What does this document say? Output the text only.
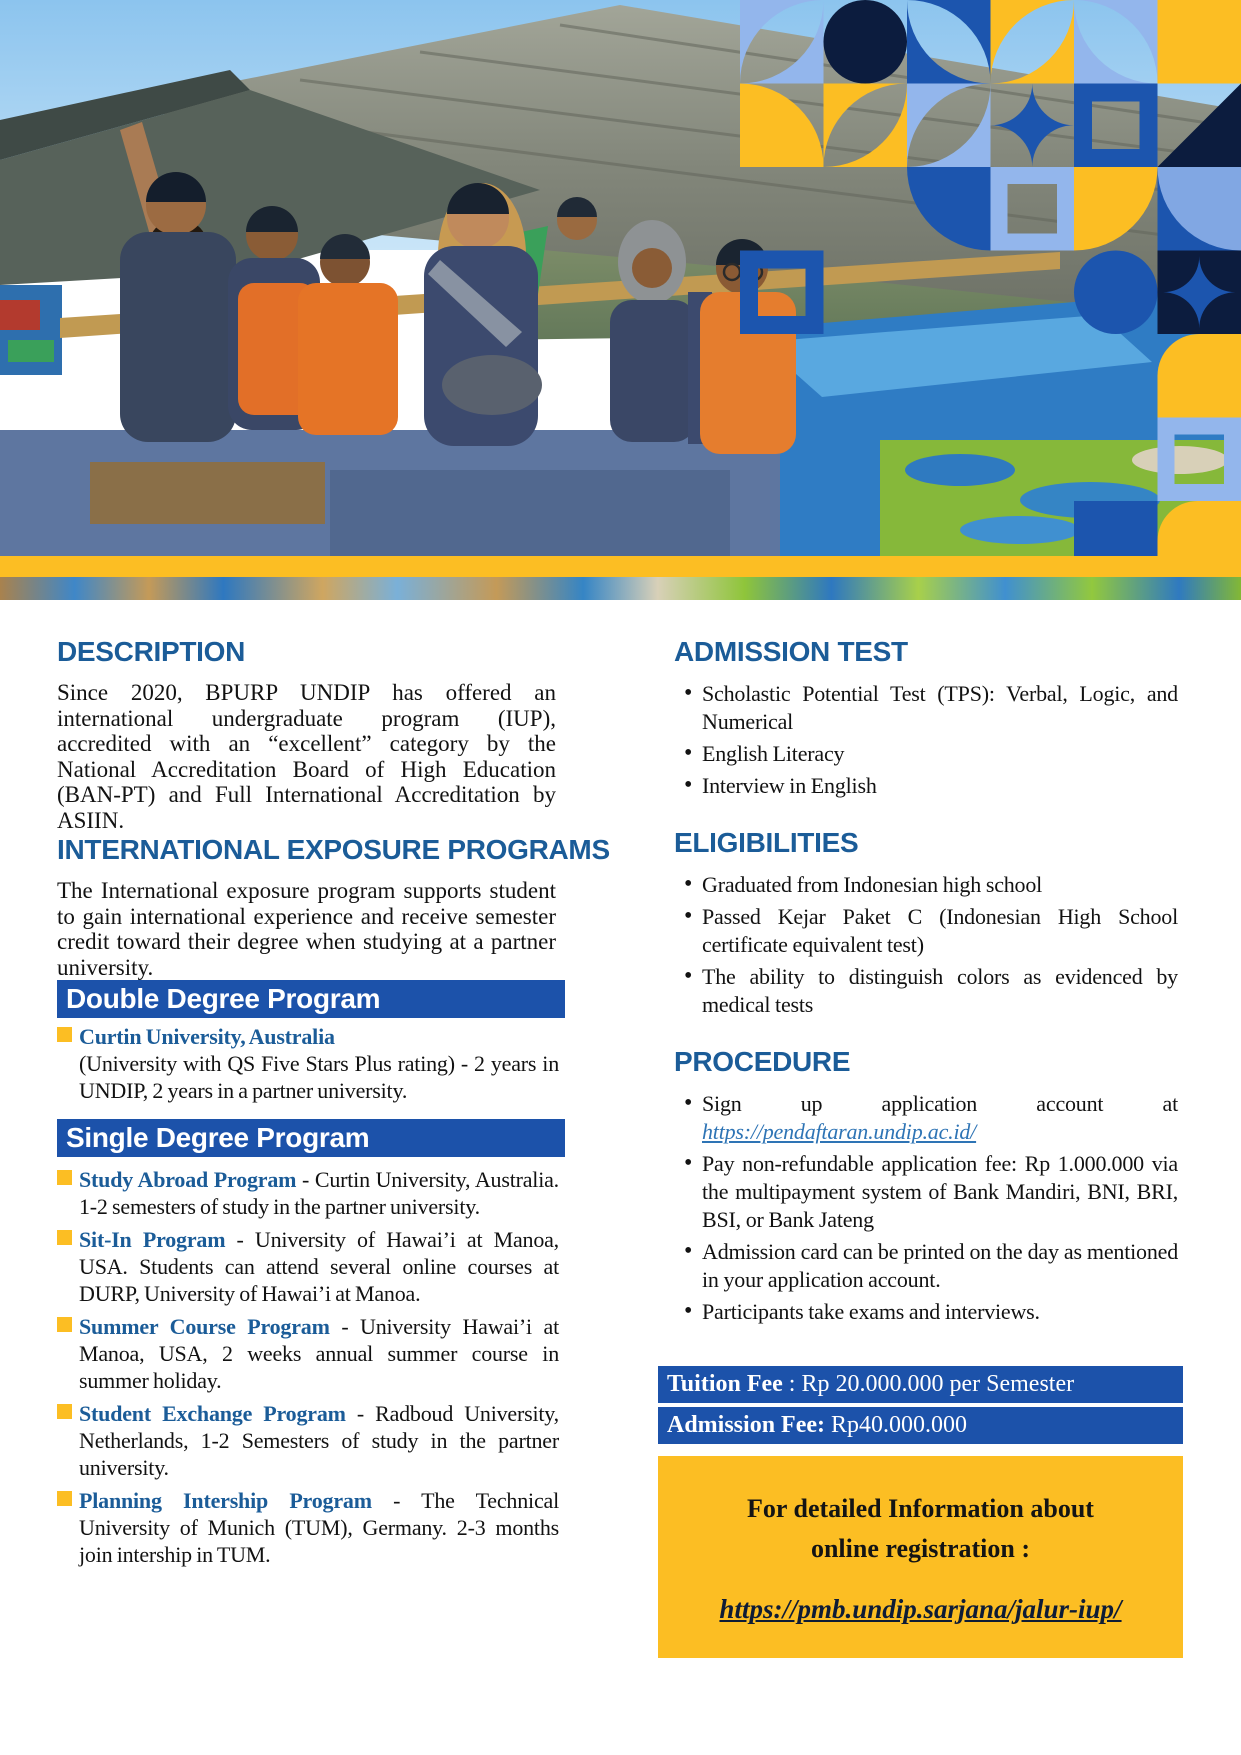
DESCRIPTION

Since 2020, BPURP UNDIP has offered an international undergraduate program (IUP), accredited with an “excellent” category by the National Accreditation Board of High Education (BAN-PT) and Full International Accreditation by ASIIN.

INTERNATIONAL EXPOSURE PROGRAMS

The International exposure program supports student to gain international experience and receive semester credit toward their degree when studying at a partner university.

Double Degree Program
Curtin University, Australia
(University with QS Five Stars Plus rating) - 2 years in UNDIP, 2 years in a partner university.
Single Degree Program
Study Abroad Program - Curtin University, Australia. 1-2 semesters of study in the partner university.
Sit-In Program - University of Hawai’i at Manoa, USA. Students can attend several online courses at DURP, University of Hawai’i at Manoa.
Summer Course Program - University Hawai’i at Manoa, USA, 2 weeks annual summer course in summer holiday.
Student Exchange Program - Radboud University, Netherlands, 1-2 Semesters of study in the partner university.
Planning Intership Program - The Technical University of Munich (TUM), Germany. 2-3 months join intership in TUM.
ADMISSION TEST
• Scholastic Potential Test (TPS): Verbal, Logic, and Numerical
• English Literacy
• Interview in English
ELIGIBILITIES
• Graduated from Indonesian high school
• Passed Kejar Paket C (Indonesian High School certificate equivalent test)
• The ability to distinguish colors as evidenced by medical tests
PROCEDURE
• Sign up application account at https://pendaftaran.undip.ac.id/
• Pay non-refundable application fee: Rp 1.000.000 via the multipayment system of Bank Mandiri, BNI, BRI, BSI, or Bank Jateng
• Admission card can be printed on the day as mentioned in your application account.
• Participants take exams and interviews.
Tuition Fee : Rp 20.000.000 per Semester
Admission Fee: Rp40.000.000
For detailed Information about online registration :
https://pmb.undip.sarjana/jalur-iup/
